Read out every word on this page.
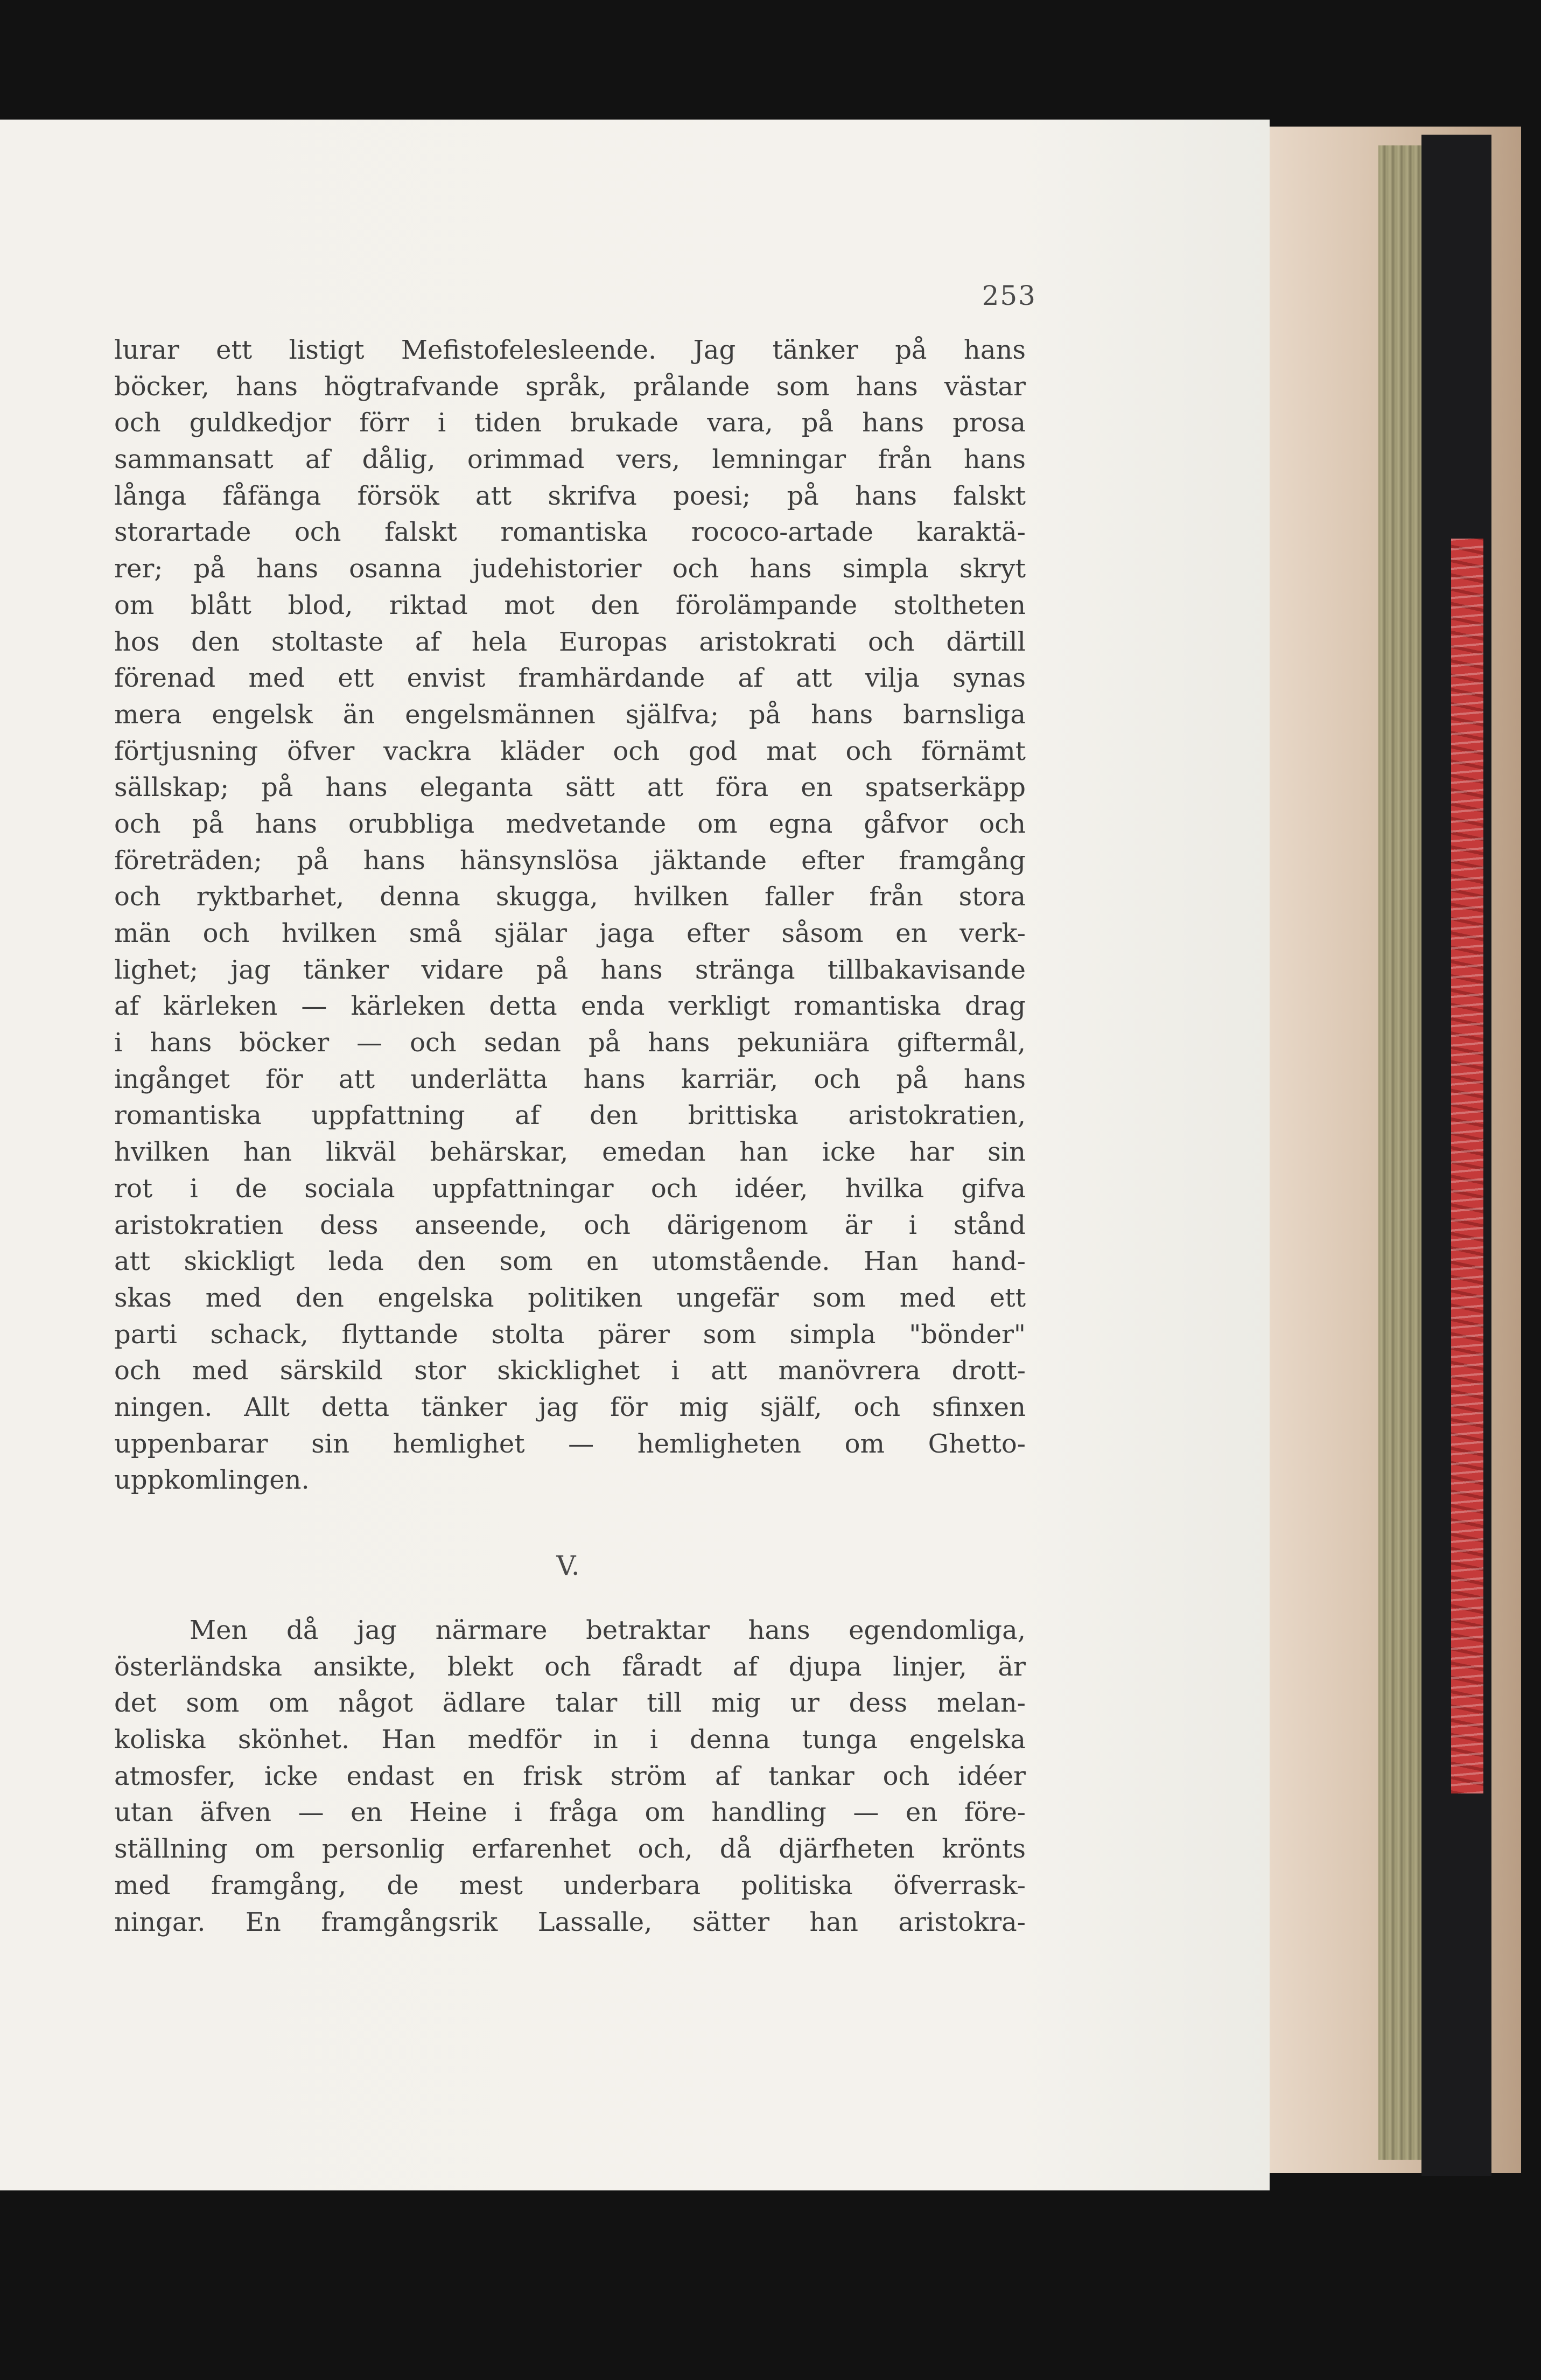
253
lurar ett listigt Mefistofelesleende. Jag tänker på hans
böcker, hans högtrafvande språk, prålande som hans västar
och guldkedjor förr i tiden brukade vara, på hans prosa
sammansatt af dålig, orimmad vers, lemningar från hans
långa fåfänga försök att skrifva poesi; på hans falskt
storartade och falskt romantiska rococo-artade karaktä-
rer; på hans osanna judehistorier och hans simpla skryt
om blått blod, riktad mot den förolämpande stoltheten
hos den stoltaste af hela Europas aristokrati och därtill
förenad med ett envist framhärdande af att vilja synas
mera engelsk än engelsmännen själfva; på hans barnsliga
förtjusning öfver vackra kläder och god mat och förnämt
sällskap; på hans eleganta sätt att föra en spatserkäpp
och på hans orubbliga medvetande om egna gåfvor och
företräden; på hans hänsynslösa jäktande efter framgång
och ryktbarhet, denna skugga, hvilken faller från stora
män och hvilken små själar jaga efter såsom en verk-
lighet; jag tänker vidare på hans stränga tillbakavisande
af kärleken — kärleken detta enda verkligt romantiska drag
i hans böcker — och sedan på hans pekuniära giftermål,
ingånget för att underlätta hans karriär, och på hans
romantiska uppfattning af den brittiska aristokratien,
hvilken han likväl behärskar, emedan han icke har sin
rot i de sociala uppfattningar och idéer, hvilka gifva
aristokratien dess anseende, och därigenom är i stånd
att skickligt leda den som en utomstående. Han hand-
skas med den engelska politiken ungefär som med ett
parti schack, flyttande stolta pärer som simpla "bönder"
och med särskild stor skicklighet i att manövrera drott-
ningen. Allt detta tänker jag för mig själf, och sfinxen
uppenbarar sin hemlighet — hemligheten om Ghetto-
uppkomlingen.
V.
Men då jag närmare betraktar hans egendomliga,
österländska ansikte, blekt och fåradt af djupa linjer, är
det som om något ädlare talar till mig ur dess melan-
koliska skönhet. Han medför in i denna tunga engelska
atmosfer, icke endast en frisk ström af tankar och idéer
utan äfven — en Heine i fråga om handling — en före-
ställning om personlig erfarenhet och, då djärfheten krönts
med framgång, de mest underbara politiska öfverrask-
ningar. En framgångsrik Lassalle, sätter han aristokra-
